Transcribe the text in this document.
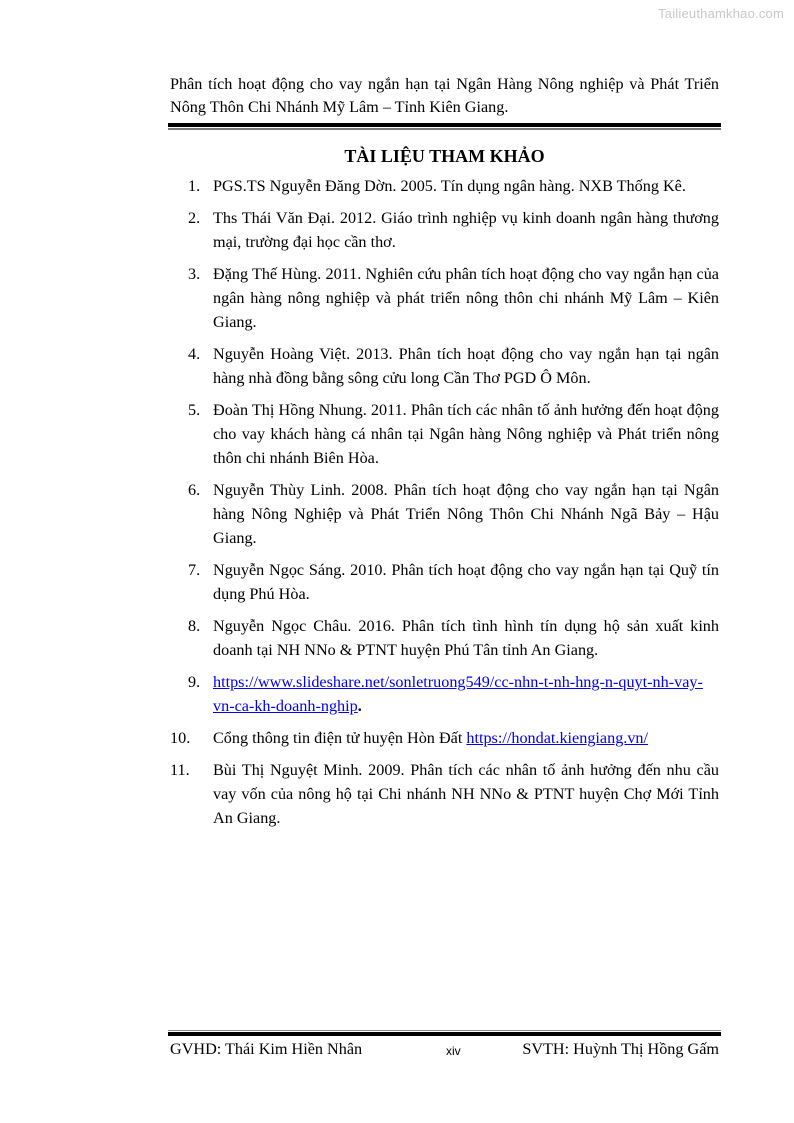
Tailieuthamkhao.com
Phân tích hoạt động cho vay ngắn hạn tại Ngân Hàng Nông nghiệp và Phát Triển Nông Thôn Chi Nhánh Mỹ Lâm – Tỉnh Kiên Giang.
TÀI LIỆU THAM KHẢO
1. PGS.TS Nguyễn Đăng Dờn. 2005. Tín dụng ngân hàng. NXB Thống Kê.
2. Ths Thái Văn Đại. 2012. Giáo trình nghiệp vụ kinh doanh ngân hàng thương mại, trường đại học cần thơ.
3. Đặng Thế Hùng. 2011. Nghiên cứu phân tích hoạt động cho vay ngắn hạn của ngân hàng nông nghiệp và phát triển nông thôn chi nhánh Mỹ Lâm – Kiên Giang.
4. Nguyễn Hoàng Việt. 2013. Phân tích hoạt động cho vay ngắn hạn tại ngân hàng nhà đồng bằng sông cửu long Cần Thơ PGD Ô Môn.
5. Đoàn Thị Hồng Nhung. 2011. Phân tích các nhân tố ảnh hưởng đến hoạt động cho vay khách hàng cá nhân tại Ngân hàng Nông nghiệp và Phát triển nông thôn chi nhánh Biên Hòa.
6. Nguyễn Thùy Linh. 2008. Phân tích hoạt động cho vay ngắn hạn tại Ngân hàng Nông Nghiệp và Phát Triển Nông Thôn Chi Nhánh Ngã Bảy – Hậu Giang.
7. Nguyễn Ngọc Sáng. 2010. Phân tích hoạt động cho vay ngắn hạn tại Quỹ tín dụng Phú Hòa.
8. Nguyễn Ngọc Châu. 2016. Phân tích tình hình tín dụng hộ sản xuất kinh doanh tại NH NNo & PTNT huyện Phú Tân tỉnh An Giang.
9. https://www.slideshare.net/sonletruong549/cc-nhn-t-nh-hng-n-quyt-nh-vay-vn-ca-kh-doanh-nghip.
10. Cổng thông tin điện tử huyện Hòn Đất https://hondat.kiengiang.vn/
11. Bùi Thị Nguyệt Minh. 2009. Phân tích các nhân tố ảnh hưởng đến nhu cầu vay vốn của nông hộ tại Chi nhánh NH NNo & PTNT huyện Chợ Mới Tỉnh An Giang.
GVHD: Thái Kim Hiền Nhân	xiv	SVTH: Huỳnh Thị Hồng Gấm
